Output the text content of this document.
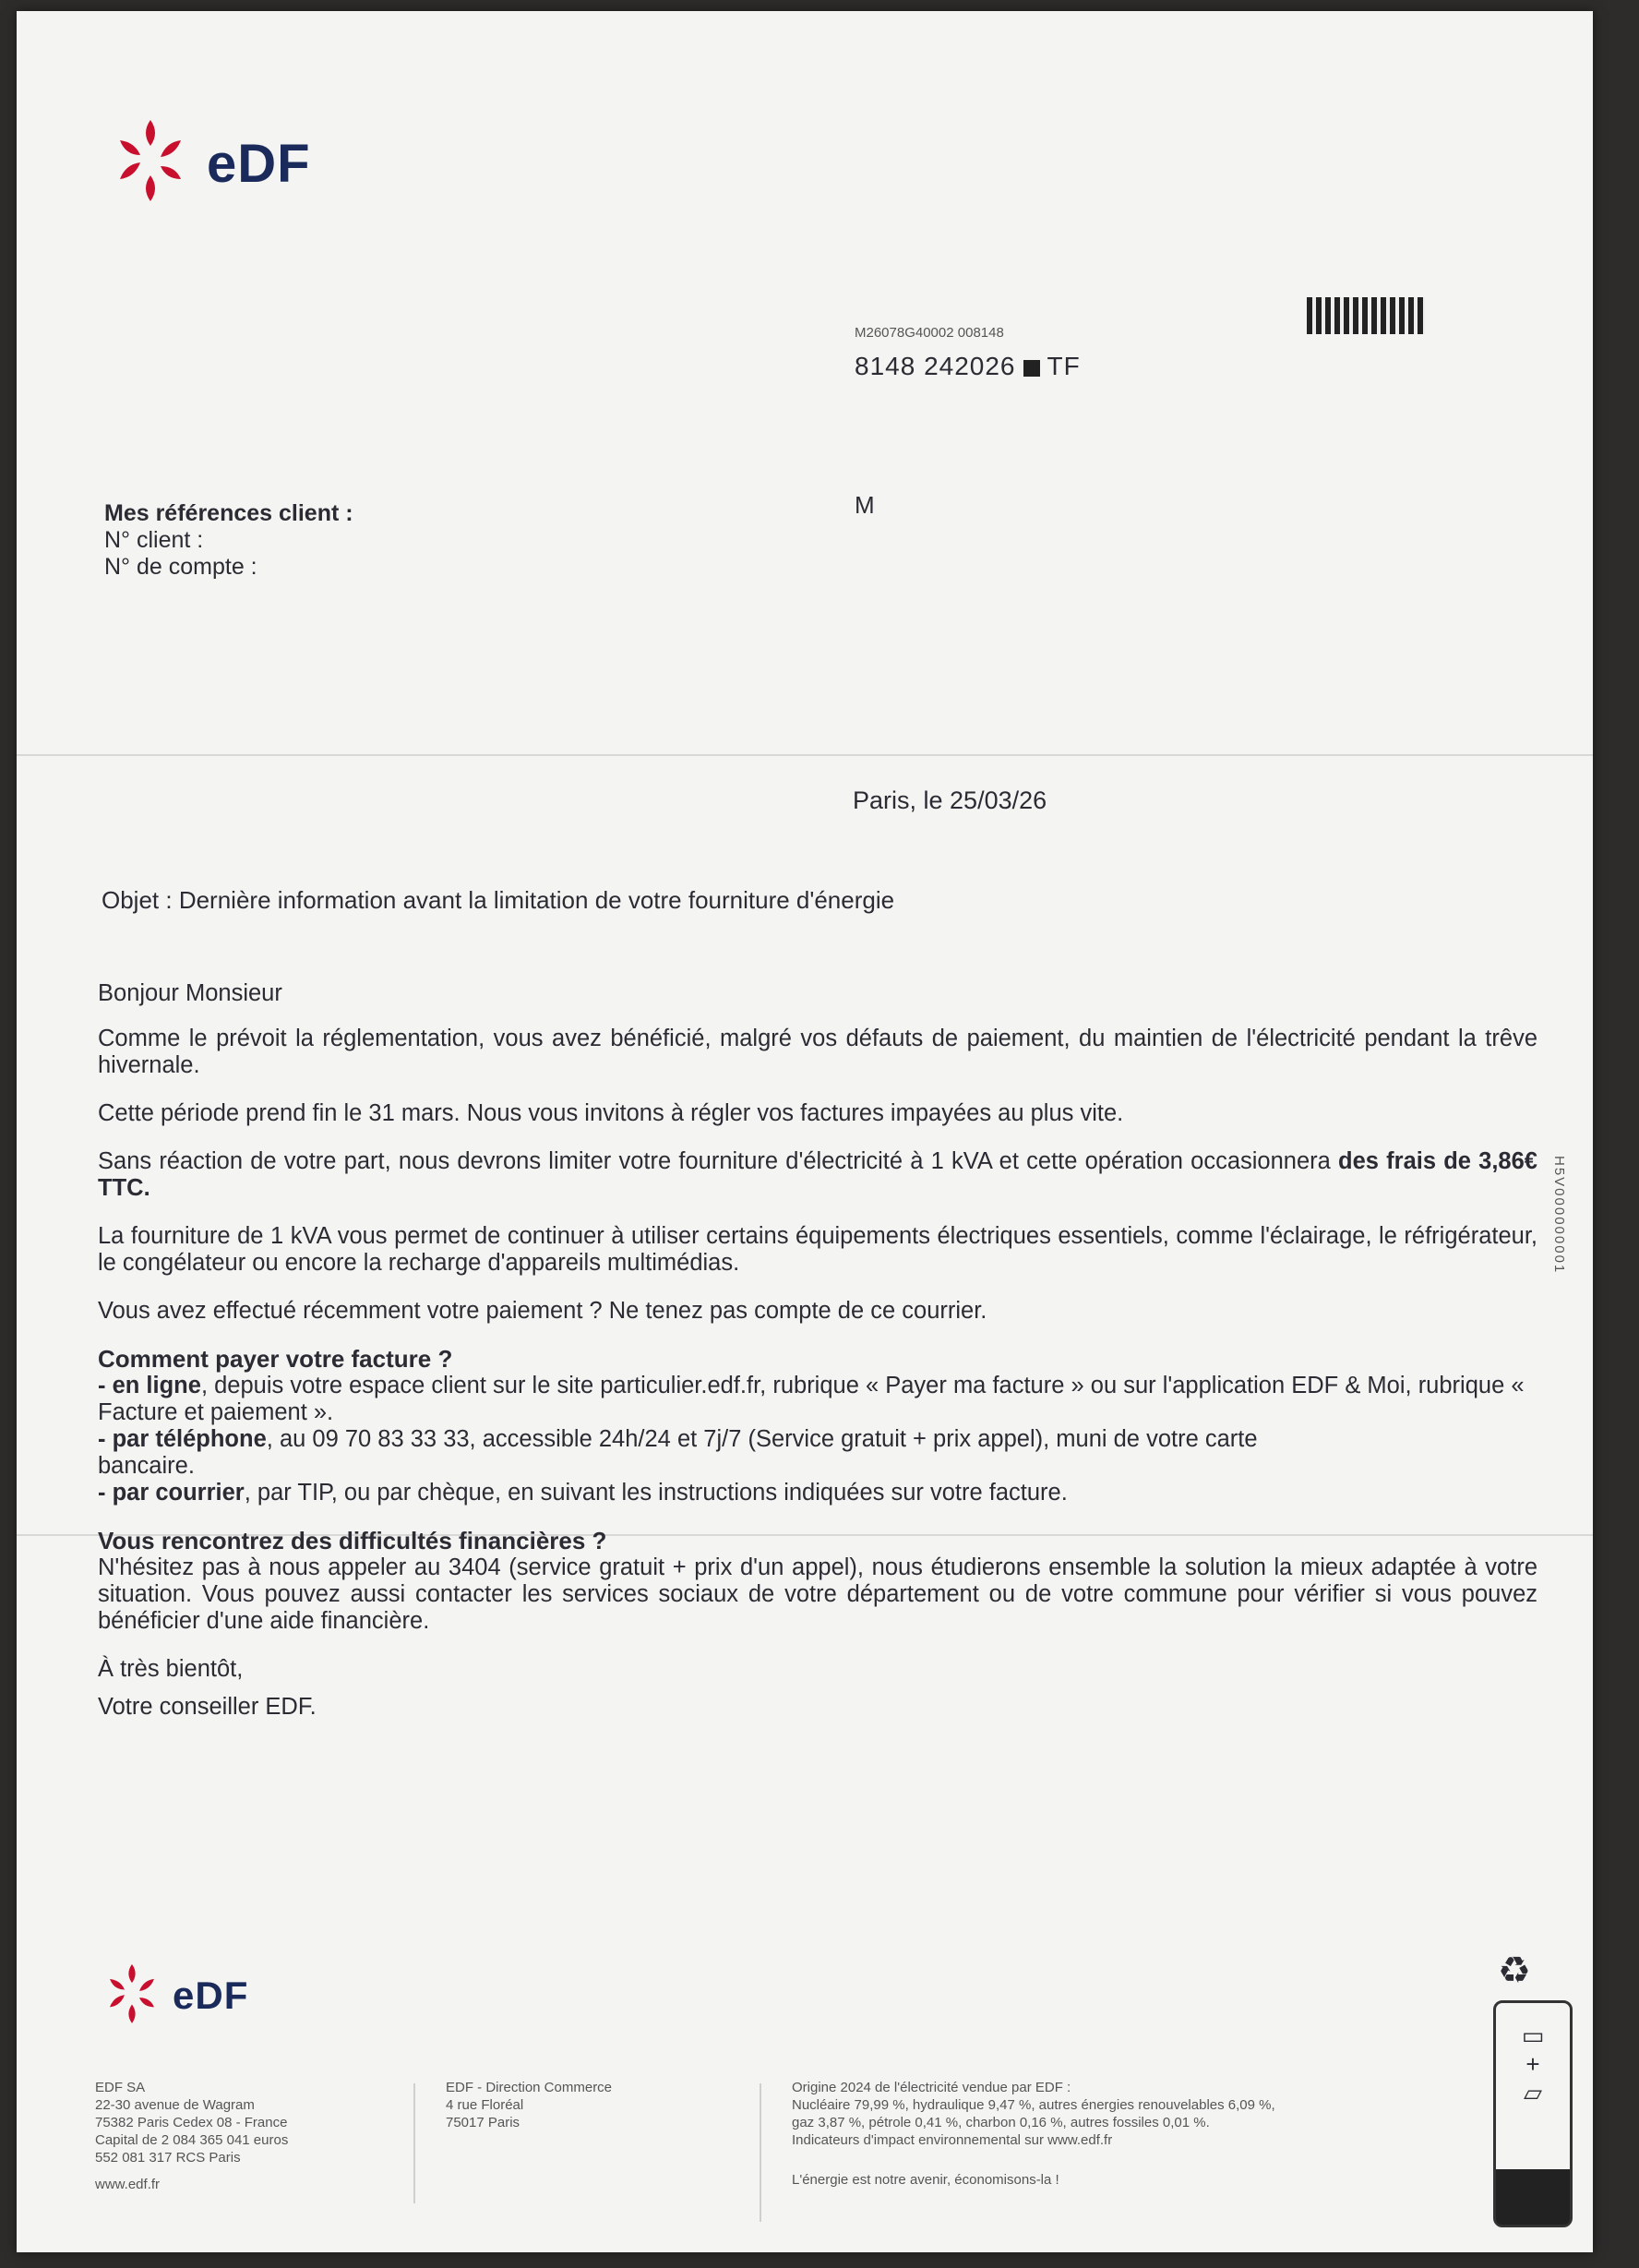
eDF
M26078G40002 008148
8148 242026 TF
M
Mes références client :
N° client :
N° de compte :
Paris, le 25/03/26
Objet : Dernière information avant la limitation de votre fourniture d'énergie

Bonjour Monsieur

Comme le prévoit la réglementation, vous avez bénéficié, malgré vos défauts de paiement, du maintien de l'électricité pendant la trêve hivernale.

Cette période prend fin le 31 mars. Nous vous invitons à régler vos factures impayées au plus vite.

Sans réaction de votre part, nous devrons limiter votre fourniture d'électricité à 1 kVA et cette opération occasionnera des frais de 3,86€ TTC.

La fourniture de 1 kVA vous permet de continuer à utiliser certains équipements électriques essentiels, comme l'éclairage, le réfrigérateur, le congélateur ou encore la recharge d'appareils multimédias.

Vous avez effectué récemment votre paiement ? Ne tenez pas compte de ce courrier.

Comment payer votre facture ?
- en ligne, depuis votre espace client sur le site particulier.edf.fr, rubrique « Payer ma facture » ou sur l'application EDF & Moi, rubrique « Facture et paiement ».
- par téléphone, au 09 70 83 33 33, accessible 24h/24 et 7j/7 (Service gratuit + prix appel), muni de votre carte bancaire.
- par courrier, par TIP, ou par chèque, en suivant les instructions indiquées sur votre facture.
Vous rencontrez des difficultés financières ?
N'hésitez pas à nous appeler au 3404 (service gratuit + prix d'un appel), nous étudierons ensemble la solution la mieux adaptée à votre situation. Vous pouvez aussi contacter les services sociaux de votre département ou de votre commune pour vérifier si vous pouvez bénéficier d'une aide financière.

À très bientôt,

Votre conseiller EDF.

H5V000000001
eDF
EDF SA
22-30 avenue de Wagram
75382 Paris Cedex 08 - France
Capital de 2 084 365 041 euros
552 081 317 RCS Paris
www.edf.fr
EDF - Direction Commerce
4 rue Floréal
75017 Paris
Origine 2024 de l'électricité vendue par EDF :
Nucléaire 79,99 %, hydraulique 9,47 %, autres énergies renouvelables 6,09 %,
gaz 3,87 %, pétrole 0,41 %, charbon 0,16 %, autres fossiles 0,01 %.
Indicateurs d'impact environnemental sur www.edf.fr
L'énergie est notre avenir, économisons-la !
♻
▭
+
▱
